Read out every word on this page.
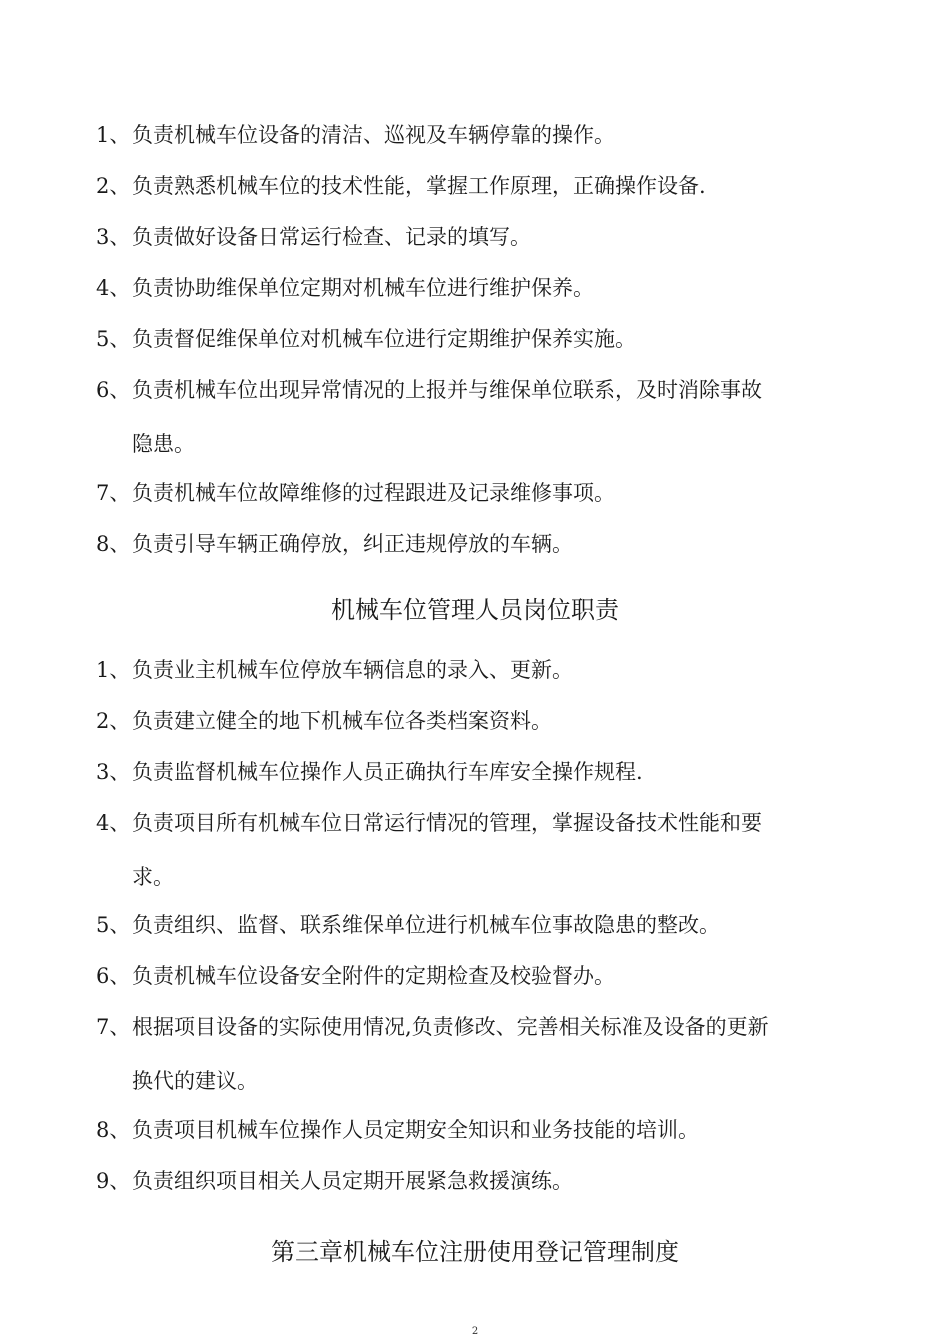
1、负责机械车位设备的清洁、巡视及车辆停靠的操作。
2、负责熟悉机械车位的技术性能，掌握工作原理，正确操作设备.
3、负责做好设备日常运行检查、记录的填写。
4、负责协助维保单位定期对机械车位进行维护保养。
5、负责督促维保单位对机械车位进行定期维护保养实施。
6、负责机械车位出现异常情况的上报并与维保单位联系，及时消除事故
隐患。
7、负责机械车位故障维修的过程跟进及记录维修事项。
8、负责引导车辆正确停放，纠正违规停放的车辆。
机械车位管理人员岗位职责
1、负责业主机械车位停放车辆信息的录入、更新。
2、负责建立健全的地下机械车位各类档案资料。
3、负责监督机械车位操作人员正确执行车库安全操作规程.
4、负责项目所有机械车位日常运行情况的管理，掌握设备技术性能和要
求。
5、负责组织、监督、联系维保单位进行机械车位事故隐患的整改。
6、负责机械车位设备安全附件的定期检查及校验督办。
7、根据项目设备的实际使用情况,负责修改、完善相关标准及设备的更新
换代的建议。
8、负责项目机械车位操作人员定期安全知识和业务技能的培训。
9、负责组织项目相关人员定期开展紧急救援演练。
第三章机械车位注册使用登记管理制度
2
